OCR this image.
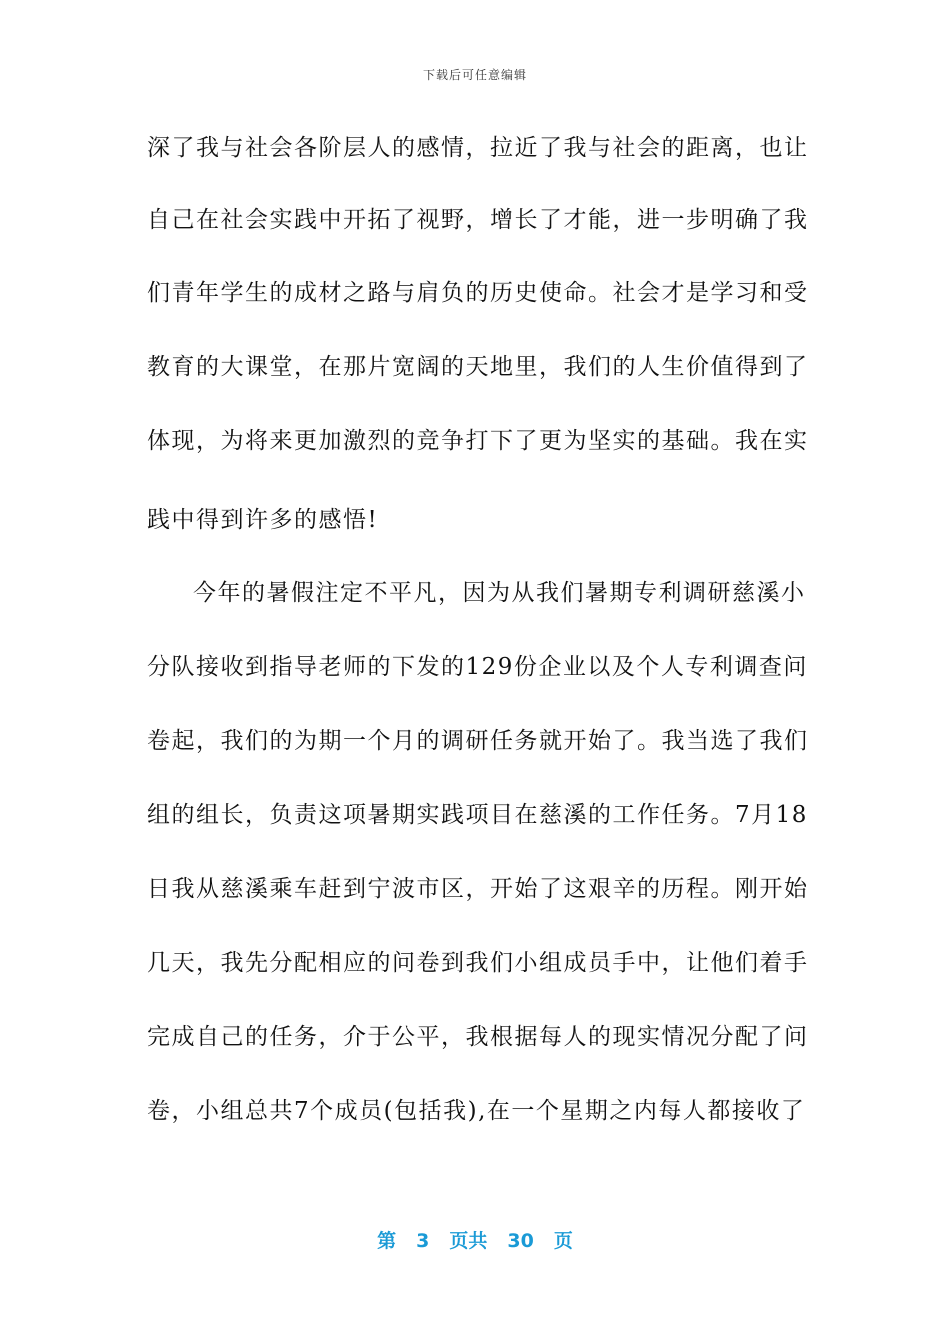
下载后可任意编辑
深了我与社会各阶层人的感情，拉近了我与社会的距离，也让
自己在社会实践中开拓了视野，增长了才能，进一步明确了我
们青年学生的成材之路与肩负的历史使命。社会才是学习和受
教育的大课堂，在那片宽阔的天地里，我们的人生价值得到了
体现，为将来更加激烈的竞争打下了更为坚实的基础。我在实
践中得到许多的感悟!
今年的暑假注定不平凡，因为从我们暑期专利调研慈溪小
分队接收到指导老师的下发的129份企业以及个人专利调查问
卷起，我们的为期一个月的调研任务就开始了。我当选了我们
组的组长，负责这项暑期实践项目在慈溪的工作任务。7月18
日我从慈溪乘车赶到宁波市区，开始了这艰辛的历程。刚开始
几天，我先分配相应的问卷到我们小组成员手中，让他们着手
完成自己的任务，介于公平，我根据每人的现实情况分配了问
卷，小组总共7个成员(包括我),在一个星期之内每人都接收了
第 3 页共 30 页
